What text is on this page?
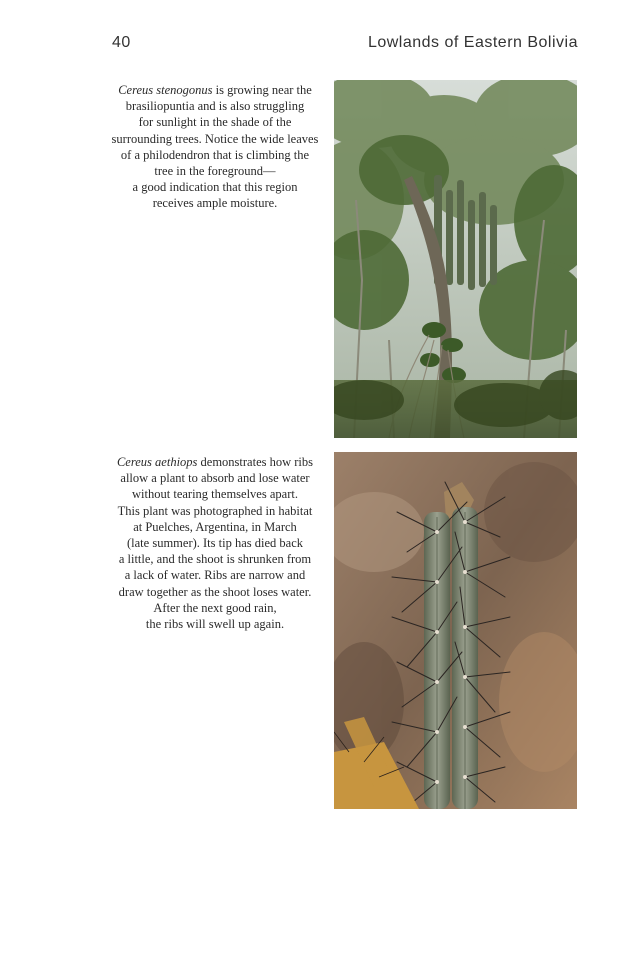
40	Lowlands of Eastern Bolivia
Cereus stenogonus is growing near the
brasiliopuntia and is also struggling
for sunlight in the shade of the
surrounding trees. Notice the wide leaves
of a philodendron that is climbing the
tree in the foreground—
a good indication that this region
receives ample moisture.
Cereus aethiops demonstrates how ribs
allow a plant to absorb and lose water
without tearing themselves apart.
This plant was photographed in habitat
at Puelches, Argentina, in March
(late summer). Its tip has died back
a little, and the shoot is shrunken from
a lack of water. Ribs are narrow and
draw together as the shoot loses water.
After the next good rain,
the ribs will swell up again.
